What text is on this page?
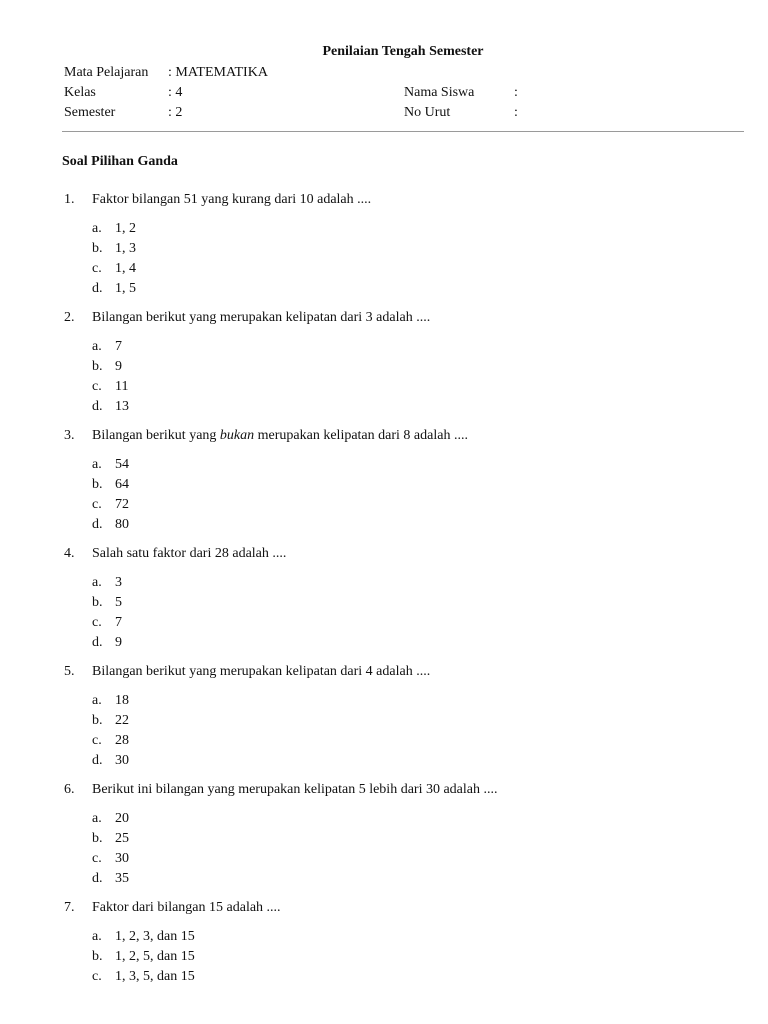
Penilaian Tengah Semester
Mata Pelajaran : MATEMATIKA
Kelas	: 4	Nama Siswa	:
Semester	: 2	No Urut	:
Soal Pilihan Ganda
1. Faktor bilangan 51 yang kurang dari 10 adalah ....
a. 1, 2
b. 1, 3
c. 1, 4
d. 1, 5
2. Bilangan berikut yang merupakan kelipatan dari 3 adalah ....
a. 7
b. 9
c. 11
d. 13
3. Bilangan berikut yang bukan merupakan kelipatan dari 8 adalah ....
a. 54
b. 64
c. 72
d. 80
4. Salah satu faktor dari 28 adalah ....
a. 3
b. 5
c. 7
d. 9
5. Bilangan berikut yang merupakan kelipatan dari 4 adalah ....
a. 18
b. 22
c. 28
d. 30
6. Berikut ini bilangan yang merupakan kelipatan 5 lebih dari 30 adalah ....
a. 20
b. 25
c. 30
d. 35
7. Faktor dari bilangan 15 adalah ....
a. 1, 2, 3, dan 15
b. 1, 2, 5, dan 15
c. 1, 3, 5, dan 15
